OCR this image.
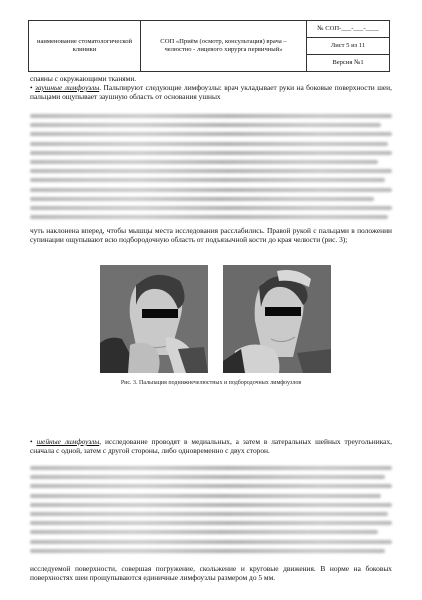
наименование стоматологической клиники
СОП «Приём (осмотр, консультация) врача – челюстно - лицевого хирурга первичный»
№ СОП-___-___-____
Лист 5 из 11
Версия №1

спаяны с окружающими тканями.

• заушные лимфоузлы. Пальпируют следующие лимфоузлы: врач укладывает руки на боковые поверхности шеи, пальцами ощупывает заушную область от основания ушных

чуть наклонена вперед, чтобы мышцы места исследования расслабились. Правой рукой с пальцами в положении супинации ощупывают всю подбородочную область от подъязычной кости до края челюсти (рис. 3);

Рис. 3. Пальпация поднижнечелюстных и подбородочных лимфоузлов

• шейные лимфоузлы, исследование проводят в медиальных, а затем в латеральных шейных треугольниках, сначала с одной, затем с другой стороны, либо одновременно с двух сторон.

исследуемой поверхности, совершая погружение, скольжение и круговые движения. В норме на боковых поверхностях шеи прощупываются единичные лимфоузлы размером до 5 мм.
